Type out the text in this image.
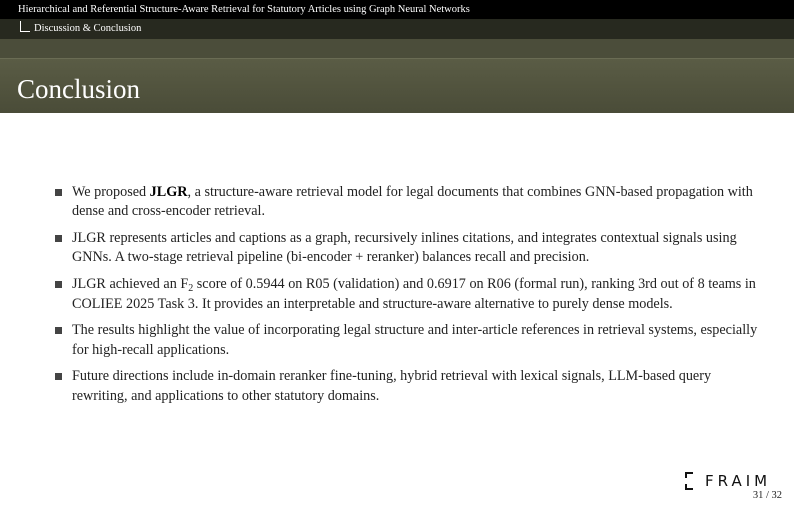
Hierarchical and Referential Structure-Aware Retrieval for Statutory Articles using Graph Neural Networks
Discussion & Conclusion
Conclusion
We proposed JLGR, a structure-aware retrieval model for legal documents that combines GNN-based propagation with dense and cross-encoder retrieval.
JLGR represents articles and captions as a graph, recursively inlines citations, and integrates contextual signals using GNNs. A two-stage retrieval pipeline (bi-encoder + reranker) balances recall and precision.
JLGR achieved an $F_2$ score of 0.5944 on R05 (validation) and 0.6917 on R06 (formal run), ranking 3rd out of 8 teams in COLIEE 2025 Task 3. It provides an interpretable and structure-aware alternative to purely dense models.
The results highlight the value of incorporating legal structure and inter-article references in retrieval systems, especially for high-recall applications.
Future directions include in-domain reranker fine-tuning, hybrid retrieval with lexical signals, LLM-based query rewriting, and applications to other statutory domains.
FRAIM
31 / 32
